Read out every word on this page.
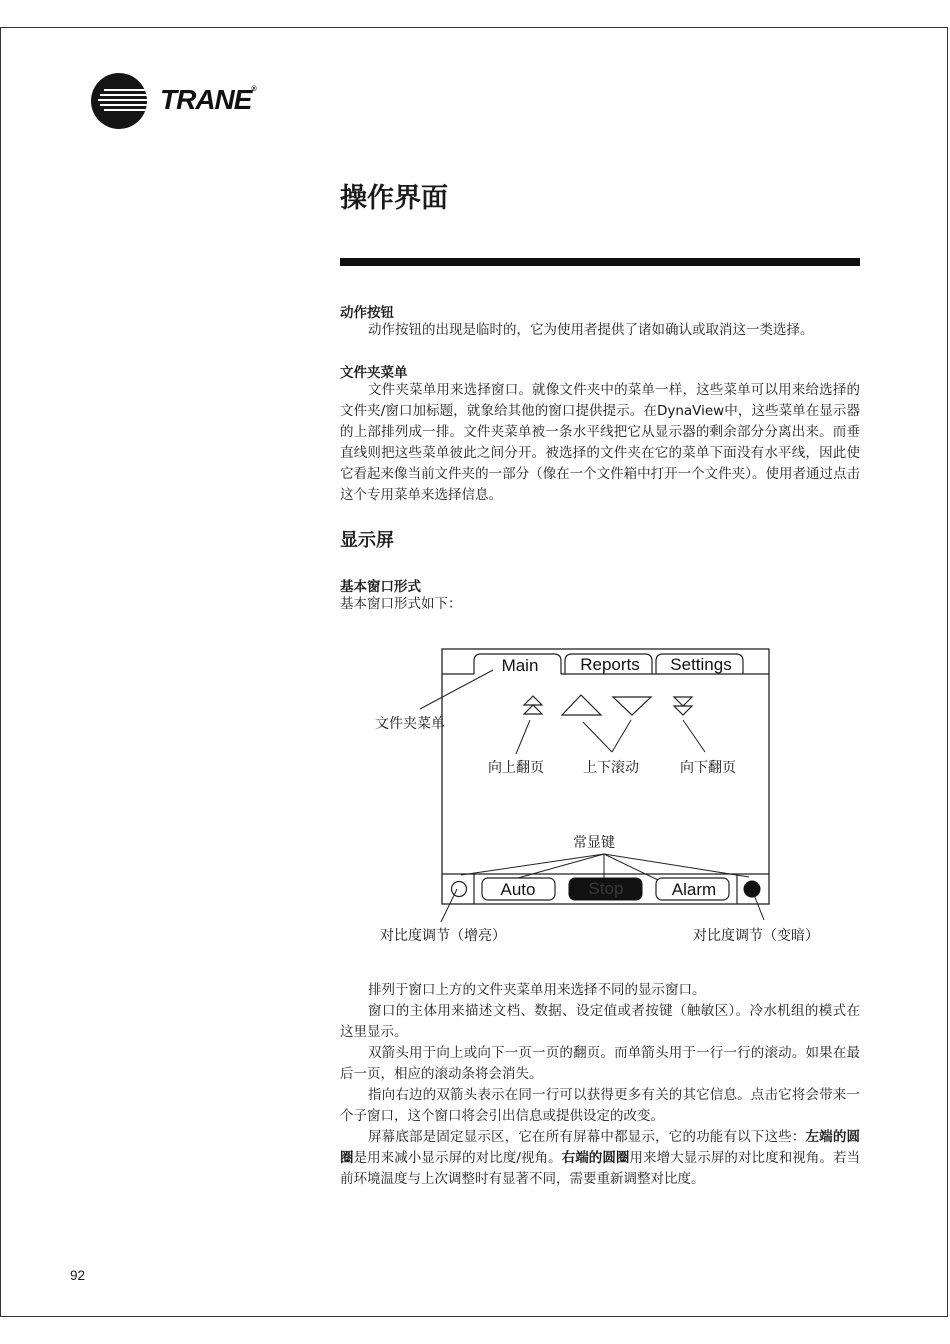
TRANE®
操作界面
动作按钮

动作按钮的出现是临时的，它为使用者提供了诸如确认或取消这一类选择。

文件夹菜单

文件夹菜单用来选择窗口。就像文件夹中的菜单一样，这些菜单可以用来给选择的文件夹/窗口加标题，就象给其他的窗口提供提示。在DynaView中，这些菜单在显示器的上部排列成一排。文件夹菜单被一条水平线把它从显示器的剩余部分分离出来。而垂直线则把这些菜单彼此之间分开。被选择的文件夹在它的菜单下面没有水平线，因此使它看起来像当前文件夹的一部分（像在一个文件箱中打开一个文件夹）。使用者通过点击这个专用菜单来选择信息。

显示屏
基本窗口形式

基本窗口形式如下：

Main Reports Settings
Auto	Stop	Alarm
文件夹菜单
向上翻页	上下滚动	向下翻页
常显键
对比度调节（增亮）	对比度调节（变暗）

排列于窗口上方的文件夹菜单用来选择不同的显示窗口。

窗口的主体用来描述文档、数据、设定值或者按键（触敏区）。冷水机组的模式在这里显示。

双箭头用于向上或向下一页一页的翻页。而单箭头用于一行一行的滚动。如果在最后一页，相应的滚动条将会消失。

指向右边的双箭头表示在同一行可以获得更多有关的其它信息。点击它将会带来一个子窗口，这个窗口将会引出信息或提供设定的改变。

屏幕底部是固定显示区，它在所有屏幕中都显示，它的功能有以下这些：左端的圆圈是用来减小显示屏的对比度/视角。右端的圆圈用来增大显示屏的对比度和视角。若当前环境温度与上次调整时有显著不同，需要重新调整对比度。

92
